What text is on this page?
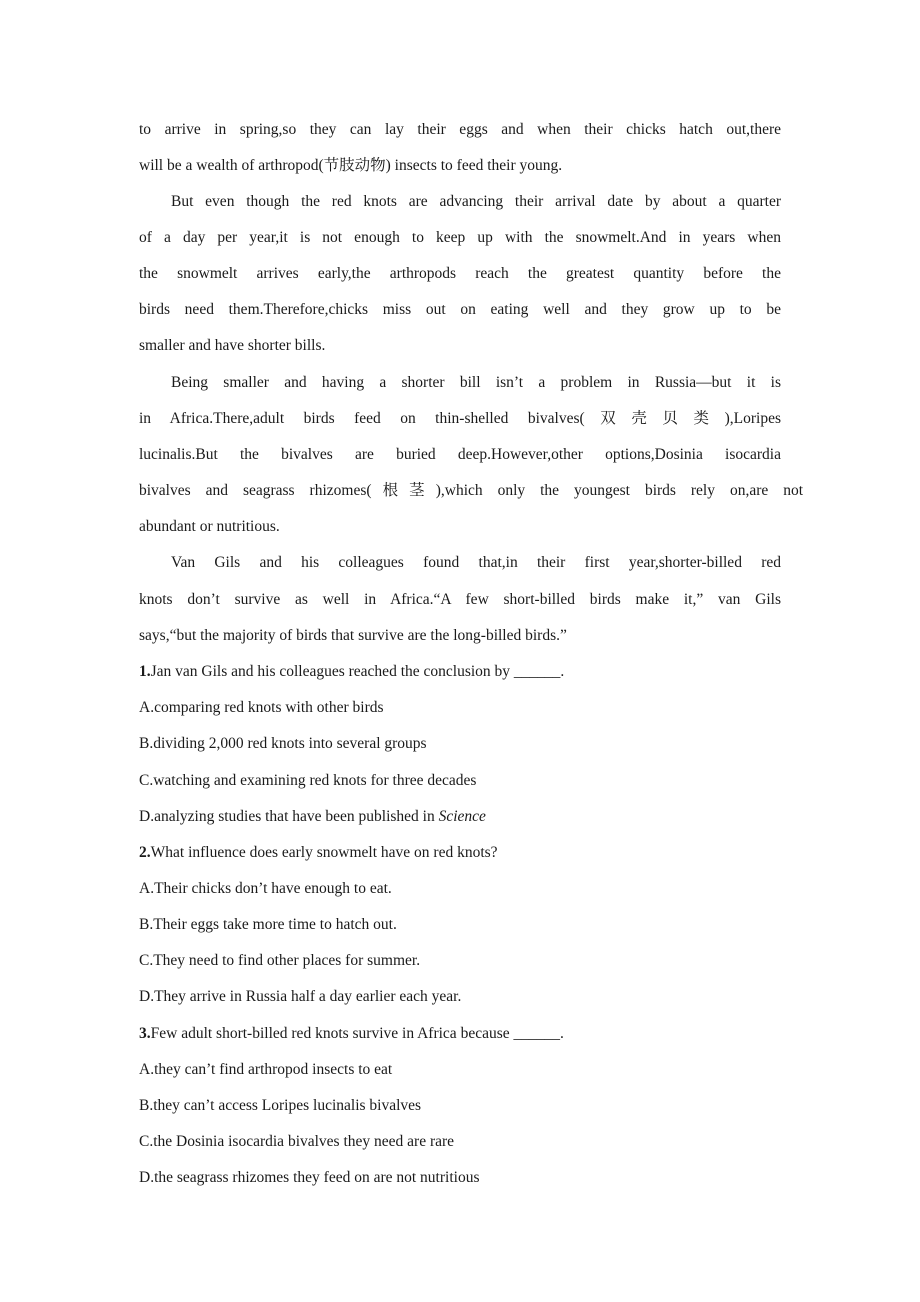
to arrive in spring,so they can lay their eggs and when their chicks hatch out,there
will be a wealth of arthropod(节肢动物) insects to feed their young.
But even though the red knots are advancing their arrival date by about a quarter
of a day per year,it is not enough to keep up with the snowmelt.And in years when
the snowmelt arrives early,the arthropods reach the greatest quantity before the
birds need them.Therefore,chicks miss out on eating well and they grow up to be
smaller and have shorter bills.
Being smaller and having a shorter bill isn’t a problem in Russia—but it is
in Africa.There,adult birds feed on thin-shelled bivalves(双壳贝类),Loripes
lucinalis.But the bivalves are buried deep.However,other options,Dosinia isocardia
bivalves and seagrass rhizomes(根茎),which only the youngest birds rely on,are not
abundant or nutritious.
Van Gils and his colleagues found that,in their first year,shorter-billed red
knots don’t survive as well in Africa.“A few short-billed birds make it,” van Gils
says,“but the majority of birds that survive are the long-billed birds.”
1.Jan van Gils and his colleagues reached the conclusion by ______.
A.comparing red knots with other birds
B.dividing 2,000 red knots into several groups
C.watching and examining red knots for three decades
D.analyzing studies that have been published in Science
2.What influence does early snowmelt have on red knots?
A.Their chicks don’t have enough to eat.
B.Their eggs take more time to hatch out.
C.They need to find other places for summer.
D.They arrive in Russia half a day earlier each year.
3.Few adult short-billed red knots survive in Africa because ______.
A.they can’t find arthropod insects to eat
B.they can’t access Loripes lucinalis bivalves
C.the Dosinia isocardia bivalves they need are rare
D.the seagrass rhizomes they feed on are not nutritious
